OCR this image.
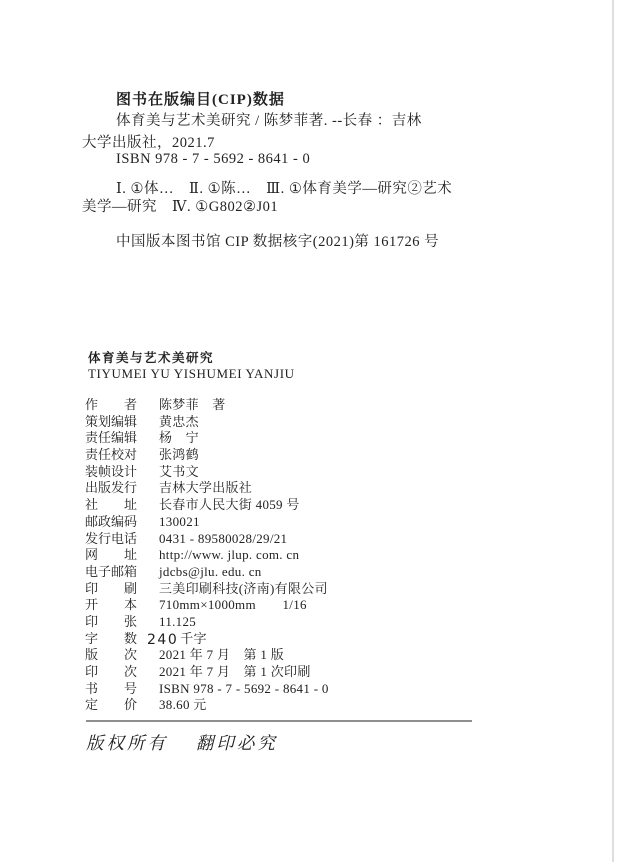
图书在版编目(CIP)数据
体育美与艺术美研究 / 陈梦菲著. --长春 ：吉林
大学出版社，2021.7
ISBN 978 - 7 - 5692 - 8641 - 0
Ⅰ. ①体…　Ⅱ. ①陈…　Ⅲ. ①体育美学—研究②艺术
美学—研究　Ⅳ. ①G802②J01
中国版本图书馆 CIP 数据核字(2021)第 161726 号
体育美与艺术美研究
TIYUMEI YU YISHUMEI YANJIU
作　　者 陈梦菲　著
策划编辑 黄忠杰
责任编辑 杨　宁
责任校对 张鸿鹤
装帧设计 艾书文
出版发行 吉林大学出版社
社　　址 长春市人民大街 4059 号
邮政编码 130021
发行电话 0431 - 89580028/29/21
网　　址 http://www. jlup. com. cn
电子邮箱 jdcbs@jlu. edu. cn
印　　刷 三美印刷科技(济南)有限公司
开　　本 710mm×1000mm　　1/16
印　　张 11.125
字　　数 240 千字
版　　次 2021 年 7 月　第 1 版
印　　次 2021 年 7 月　第 1 次印刷
书　　号 ISBN 978 - 7 - 5692 - 8641 - 0
定　　价 38.60 元
版权所有　 翻印必究
